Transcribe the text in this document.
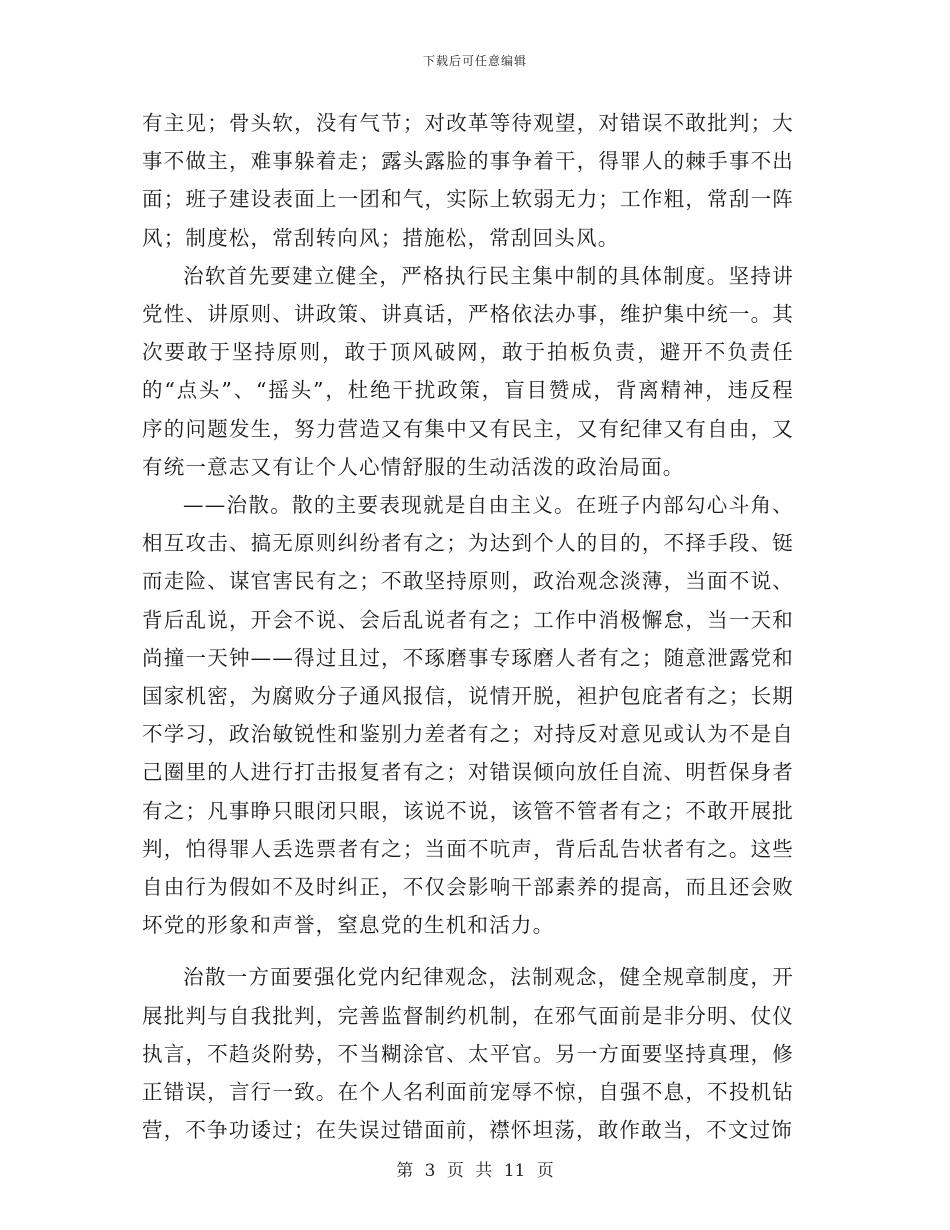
下载后可任意编辑

有主见；骨头软，没有气节；对改革等待观望，对错误不敢批判；大事不做主，难事躲着走；露头露脸的事争着干，得罪人的棘手事不出面；班子建设表面上一团和气，实际上软弱无力；工作粗，常刮一阵风；制度松，常刮转向风；措施松，常刮回头风。

治软首先要建立健全，严格执行民主集中制的具体制度。坚持讲党性、讲原则、讲政策、讲真话，严格依法办事，维护集中统一。其次要敢于坚持原则，敢于顶风破网，敢于拍板负责，避开不负责任的“点头”、“摇头”，杜绝干扰政策，盲目赞成，背离精神，违反程序的问题发生，努力营造又有集中又有民主，又有纪律又有自由，又有统一意志又有让个人心情舒服的生动活泼的政治局面。

——治散。散的主要表现就是自由主义。在班子内部勾心斗角、相互攻击、搞无原则纠纷者有之；为达到个人的目的，不择手段、铤而走险、谋官害民有之；不敢坚持原则，政治观念淡薄，当面不说、背后乱说，开会不说、会后乱说者有之；工作中消极懈怠，当一天和尚撞一天钟——得过且过，不琢磨事专琢磨人者有之；随意泄露党和国家机密，为腐败分子通风报信，说情开脱，袒护包庇者有之；长期不学习，政治敏锐性和鉴别力差者有之；对持反对意见或认为不是自己圈里的人进行打击报复者有之；对错误倾向放任自流、明哲保身者有之；凡事睁只眼闭只眼，该说不说，该管不管者有之；不敢开展批判，怕得罪人丢选票者有之；当面不吭声，背后乱告状者有之。这些自由行为假如不及时纠正，不仅会影响干部素养的提高，而且还会败坏党的形象和声誉，窒息党的生机和活力。

治散一方面要强化党内纪律观念，法制观念，健全规章制度，开展批判与自我批判，完善监督制约机制，在邪气面前是非分明、仗仪执言，不趋炎附势，不当糊涂官、太平官。另一方面要坚持真理，修正错误，言行一致。在个人名利面前宠辱不惊，自强不息，不投机钻营，不争功诿过；在失误过错面前，襟怀坦荡，敢作敢当，不文过饰

第 3 页 共 11 页
